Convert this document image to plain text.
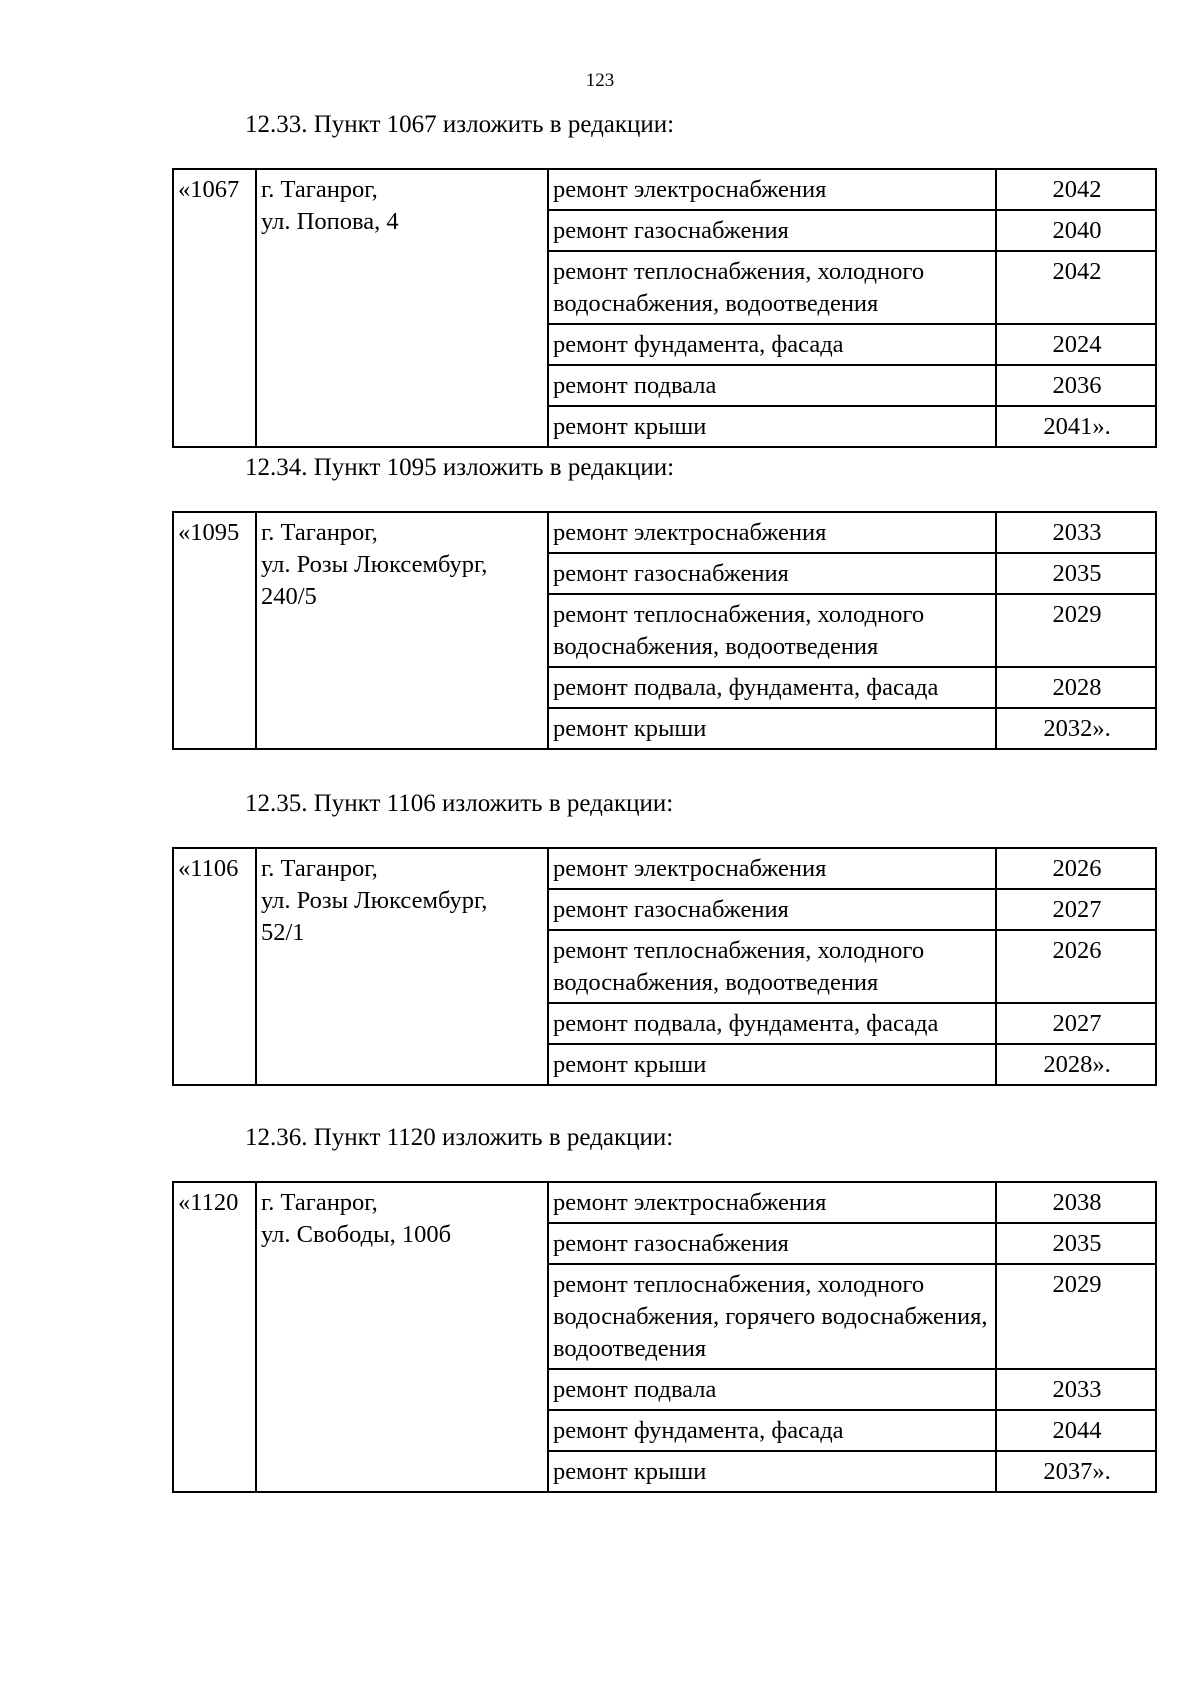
123
12.33. Пункт 1067 изложить в редакции:
«1067	г. Таганрог,
ул. Попова, 4	ремонт электроснабжения	2042
		ремонт газоснабжения	2040
		ремонт теплоснабжения, холодного водоснабжения, водоотведения	2042
		ремонт фундамента, фасада	2024
		ремонт подвала	2036
		ремонт крыши	2041».
12.34. Пункт 1095 изложить в редакции:
«1095	г. Таганрог,
ул. Розы Люксембург,
240/5	ремонт электроснабжения	2033
		ремонт газоснабжения	2035
		ремонт теплоснабжения, холодного водоснабжения, водоотведения	2029
		ремонт подвала, фундамента, фасада	2028
		ремонт крыши	2032».
12.35. Пункт 1106 изложить в редакции:
«1106	г. Таганрог,
ул. Розы Люксембург,
52/1	ремонт электроснабжения	2026
		ремонт газоснабжения	2027
		ремонт теплоснабжения, холодного водоснабжения, водоотведения	2026
		ремонт подвала, фундамента, фасада	2027
		ремонт крыши	2028».
12.36. Пункт 1120 изложить в редакции:
«1120	г. Таганрог,
ул. Свободы, 100б	ремонт электроснабжения	2038
		ремонт газоснабжения	2035
		ремонт теплоснабжения, холодного водоснабжения, горячего водоснабжения, водоотведения	2029
		ремонт подвала	2033
		ремонт фундамента, фасада	2044
		ремонт крыши	2037».
